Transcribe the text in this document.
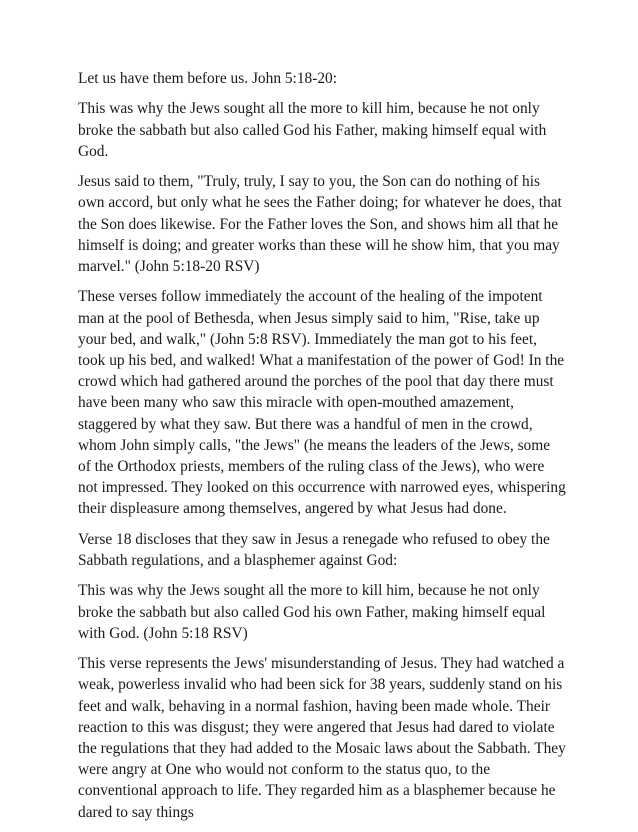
Let us have them before us. John 5:18-20:

This was why the Jews sought all the more to kill him, because he not only broke the sabbath but also called God his Father, making himself equal with God.

Jesus said to them, "Truly, truly, I say to you, the Son can do nothing of his own accord, but only what he sees the Father doing; for whatever he does, that the Son does likewise. For the Father loves the Son, and shows him all that he himself is doing; and greater works than these will he show him, that you may marvel." (John 5:18-20 RSV)

These verses follow immediately the account of the healing of the impotent man at the pool of Bethesda, when Jesus simply said to him, "Rise, take up your bed, and walk," (John 5:8 RSV). Immediately the man got to his feet, took up his bed, and walked! What a manifestation of the power of God! In the crowd which had gathered around the porches of the pool that day there must have been many who saw this miracle with open-mouthed amazement, staggered by what they saw. But there was a handful of men in the crowd, whom John simply calls, "the Jews" (he means the leaders of the Jews, some of the Orthodox priests, members of the ruling class of the Jews), who were not impressed. They looked on this occurrence with narrowed eyes, whispering their displeasure among themselves, angered by what Jesus had done.

Verse 18 discloses that they saw in Jesus a renegade who refused to obey the Sabbath regulations, and a blasphemer against God:

This was why the Jews sought all the more to kill him, because he not only broke the sabbath but also called God his own Father, making himself equal with God. (John 5:18 RSV)

This verse represents the Jews' misunderstanding of Jesus. They had watched a weak, powerless invalid who had been sick for 38 years, suddenly stand on his feet and walk, behaving in a normal fashion, having been made whole. Their reaction to this was disgust; they were angered that Jesus had dared to violate the regulations that they had added to the Mosaic laws about the Sabbath. They were angry at One who would not conform to the status quo, to the conventional approach to life. They regarded him as a blasphemer because he dared to say things
